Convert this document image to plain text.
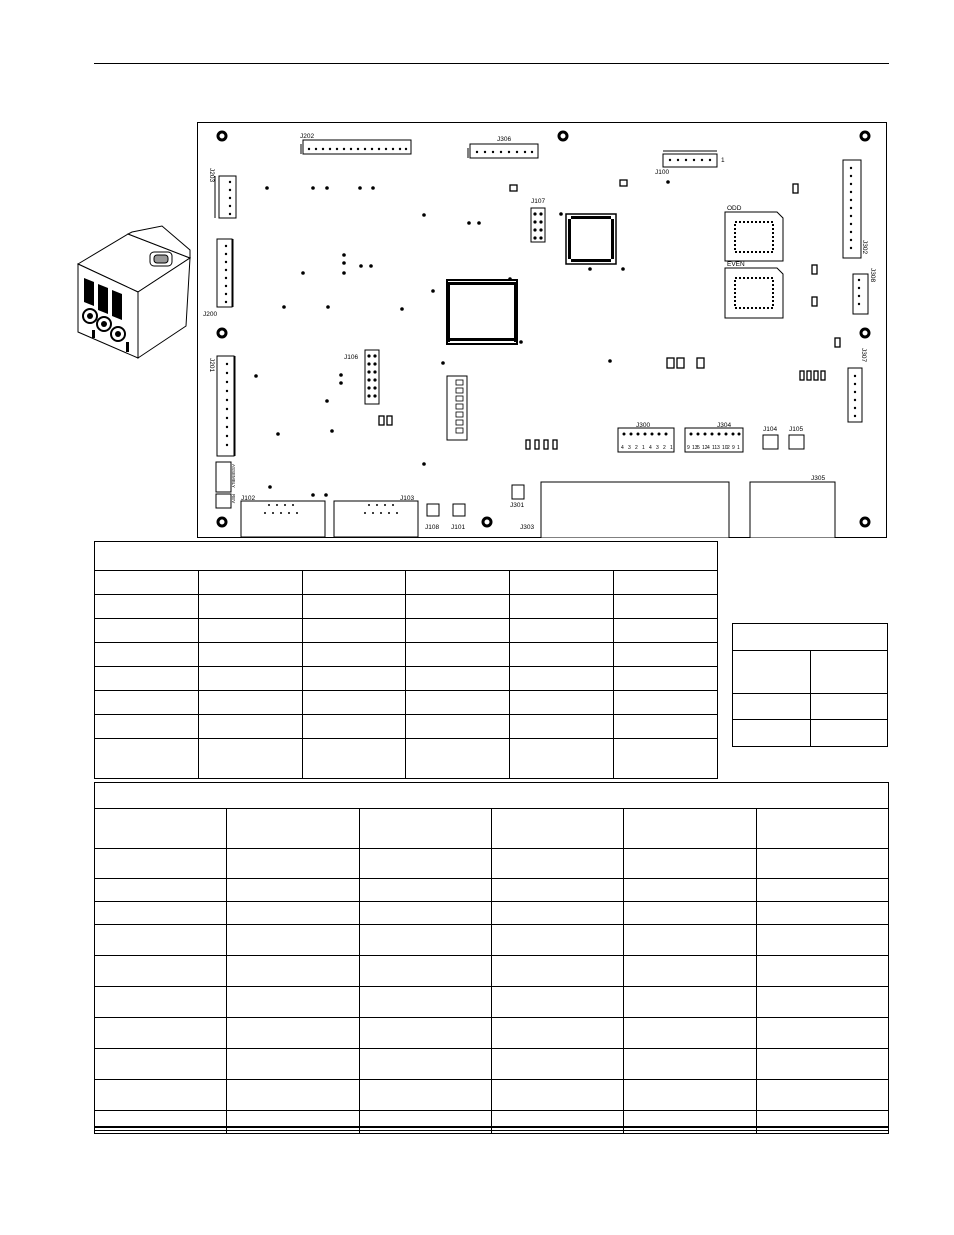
J202	J306
J100
1
J107
ODD
EVEN
J200
J106
J300	J304
J104 J105
J305
J102	J103
J301
J108 J101	J303
J203
J201
J302
J308
J307
ASSEMBLY
REV
4 3 2 1 4 3 2 1	9 13 5 12 4 11 3 10 2 9 1
